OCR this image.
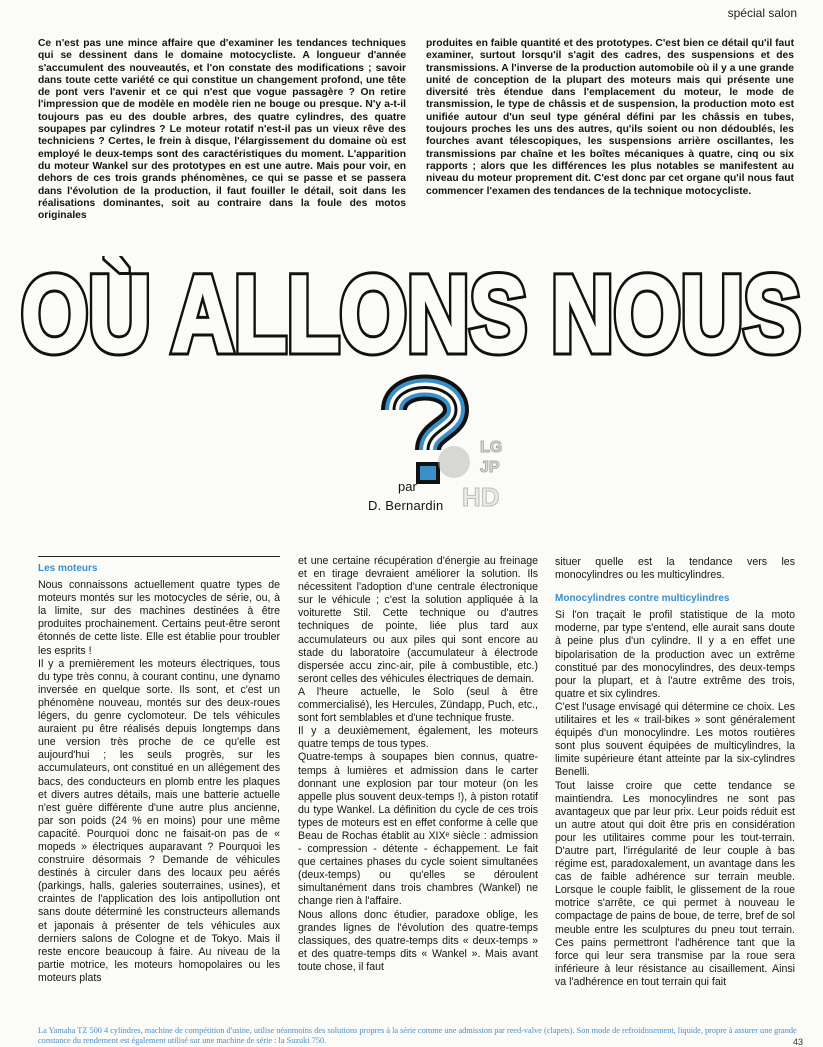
spécial salon
Ce n'est pas une mince affaire que d'examiner les tendances techniques qui se dessinent dans le domaine motocycliste. A longueur d'année s'accumulent des nouveautés, et l'on constate des modifications ; savoir dans toute cette variété ce qui constitue un changement profond, une tête de pont vers l'avenir et ce qui n'est que vogue passagère ? On retire l'impression que de modèle en modèle rien ne bouge ou presque. N'y a-t-il toujours pas eu des double arbres, des quatre cylindres, des quatre soupapes par cylindres ? Le moteur rotatif n'est-il pas un vieux rêve des techniciens ? Certes, le frein à disque, l'élargissement du domaine où est employé le deux-temps sont des caractéristiques du moment. L'apparition du moteur Wankel sur des prototypes en est une autre. Mais pour voir, en dehors de ces trois grands phénomènes, ce qui se passe et se passera dans l'évolution de la production, il faut fouiller le détail, soit dans les réalisations dominantes, soit au contraire dans la foule des motos originales
produites en faible quantité et des prototypes. C'est bien ce détail qu'il faut examiner, surtout lorsqu'il s'agit des cadres, des suspensions et des transmissions. A l'inverse de la production automobile où il y a une grande unité de conception de la plupart des moteurs mais qui présente une diversité très étendue dans l'emplacement du moteur, le mode de transmission, le type de châssis et de suspension, la production moto est unifiée autour d'un seul type général défini par les châssis en tubes, toujours proches les uns des autres, qu'ils soient ou non dédoublés, les fourches avant télescopiques, les suspensions arrière oscillantes, les transmissions par chaîne et les boîtes mécaniques à quatre, cinq ou six rapports ; alors que les différences les plus notables se manifestent au niveau du moteur proprement dit. C'est donc par cet organe qu'il nous faut commencer l'examen des tendances de la technique motocycliste.
OÙ ALLONS NOUS
OÙ ALLONS NOUS
LG
JP
HD
par
D. Bernardin
Les moteurs

Nous connaissons actuellement quatre types de moteurs montés sur les motocycles de série, ou, à la limite, sur des machines destinées à être produites prochainement. Certains peut-être seront étonnés de cette liste. Elle est établie pour troubler les esprits !

Il y a premièrement les moteurs électriques, tous du type très connu, à courant continu, une dynamo inversée en quelque sorte. Ils sont, et c'est un phénomène nouveau, montés sur des deux-roues légers, du genre cyclomoteur. De tels véhicules auraient pu être réalisés depuis longtemps dans une version très proche de ce qu'elle est aujourd'hui ; les seuls progrès, sur les accumulateurs, ont constitué en un allégement des bacs, des conducteurs en plomb entre les plaques et divers autres détails, mais une batterie actuelle n'est guère différente d'une autre plus ancienne, par son poids (24 % en moins) pour une même capacité. Pourquoi donc ne faisait-on pas de « mopeds » électriques auparavant ? Pourquoi les construire désormais ? Demande de véhicules destinés à circuler dans des locaux peu aérés (parkings, halls, galeries souterraines, usines), et craintes de l'application des lois antipollution ont sans doute déterminé les constructeurs allemands et japonais à présenter de tels véhicules aux derniers salons de Cologne et de Tokyo. Mais il reste encore beaucoup à faire. Au niveau de la partie motrice, les moteurs homopolaires ou les moteurs plats

et une certaine récupération d'énergie au freinage et en tirage devraient améliorer la solution. Ils nécessitent l'adoption d'une centrale électronique sur le véhicule ; c'est la solution appliquée à la voiturette Stil. Cette technique ou d'autres techniques de pointe, liée plus tard aux accumulateurs ou aux piles qui sont encore au stade du laboratoire (accumulateur à électrode dispersée accu zinc-air, pile à combustible, etc.) seront celles des véhicules électriques de demain.

A l'heure actuelle, le Solo (seul à être commercialisé), les Hercules, Zündapp, Puch, etc., sont fort semblables et d'une technique fruste.

Il y a deuxièmement, également, les moteurs quatre temps de tous types.

Quatre-temps à soupapes bien connus, quatre-temps à lumières et admission dans le carter donnant une explosion par tour moteur (on les appelle plus souvent deux-temps !), à piston rotatif du type Wankel. La définition du cycle de ces trois types de moteurs est en effet conforme à celle que Beau de Rochas établit au XIXᵉ siècle : admission - compression - détente - échappement. Le fait que certaines phases du cycle soient simultanées (deux-temps) ou qu'elles se déroulent simultanément dans trois chambres (Wankel) ne change rien à l'affaire.

Nous allons donc étudier, paradoxe oblige, les grandes lignes de l'évolution des quatre-temps classiques, des quatre-temps dits « deux-temps » et des quatre-temps dits « Wankel ». Mais avant toute chose, il faut

situer quelle est la tendance vers les monocylindres ou les multicylindres.

Monocylindres contre multicylindres

Si l'on traçait le profil statistique de la moto moderne, par type s'entend, elle aurait sans doute à peine plus d'un cylindre. Il y a en effet une bipolarisation de la production avec un extrême constitué par des monocylindres, des deux-temps pour la plupart, et à l'autre extrême des trois, quatre et six cylindres.

C'est l'usage envisagé qui détermine ce choix. Les utilitaires et les « trail-bikes » sont généralement équipés d'un monocylindre. Les motos routières sont plus souvent équipées de multicylindres, la limite supérieure étant atteinte par la six-cylindres Benelli.

Tout laisse croire que cette tendance se maintiendra. Les monocylindres ne sont pas avantageux que par leur prix. Leur poids réduit est un autre atout qui doit être pris en considération pour les utilitaires comme pour les tout-terrain. D'autre part, l'irrégularité de leur couple à bas régime est, paradoxalement, un avantage dans les cas de faible adhérence sur terrain meuble. Lorsque le couple faiblit, le glissement de la roue motrice s'arrête, ce qui permet à nouveau le compactage de pains de boue, de terre, bref de sol meuble entre les sculptures du pneu tout terrain. Ces pains permettront l'adhérence tant que la force qui leur sera transmise par la roue sera inférieure à leur résistance au cisaillement. Ainsi va l'adhérence en tout terrain qui fait

La Yamaha TZ 500 4 cylindres, machine de compétition d'usine, utilise néanmoins des solutions propres à la série comme une admission par reed-valve (clapets). Son mode de refroidissement, liquide, propre à assurer une grande constance du rendement est également utilisé sur une machine de série : la Suzuki 750.	43
